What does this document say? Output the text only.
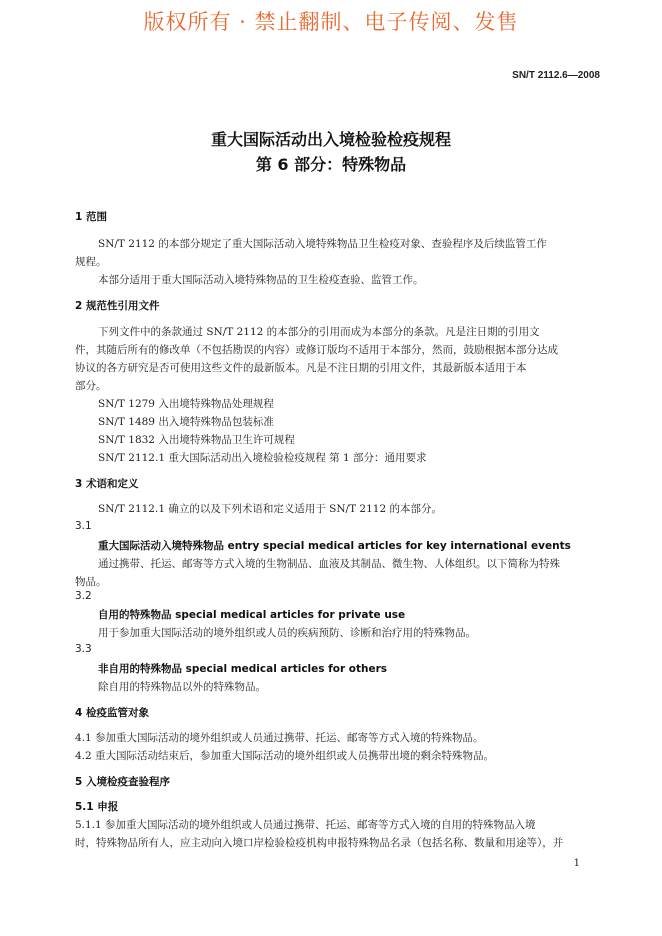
版权所有 · 禁止翻制、电子传阅、发售
SN/T 2112.6—2008
重大国际活动出入境检验检疫规程
第 6 部分：特殊物品
1 范围
SN/T 2112 的本部分规定了重大国际活动入境特殊物品卫生检疫对象、查验程序及后续监管工作
规程。
本部分适用于重大国际活动入境特殊物品的卫生检疫查验、监管工作。
2 规范性引用文件
下列文件中的条款通过 SN/T 2112 的本部分的引用而成为本部分的条款。凡是注日期的引用文
件，其随后所有的修改单（不包括勘误的内容）或修订版均不适用于本部分，然而，鼓励根据本部分达成
协议的各方研究是否可使用这些文件的最新版本。凡是不注日期的引用文件，其最新版本适用于本
部分。
SN/T 1279 入出境特殊物品处理规程
SN/T 1489 出入境特殊物品包装标准
SN/T 1832 入出境特殊物品卫生许可规程
SN/T 2112.1 重大国际活动出入境检验检疫规程 第 1 部分：通用要求
3 术语和定义
SN/T 2112.1 确立的以及下列术语和定义适用于 SN/T 2112 的本部分。
3.1
重大国际活动入境特殊物品 entry special medical articles for key international events
通过携带、托运、邮寄等方式入境的生物制品、血液及其制品、微生物、人体组织。以下简称为特殊
物品。
3.2
自用的特殊物品 special medical articles for private use
用于参加重大国际活动的境外组织或人员的疾病预防、诊断和治疗用的特殊物品。
3.3
非自用的特殊物品 special medical articles for others
除自用的特殊物品以外的特殊物品。
4 检疫监管对象
4.1 参加重大国际活动的境外组织或人员通过携带、托运、邮寄等方式入境的特殊物品。
4.2 重大国际活动结束后，参加重大国际活动的境外组织或人员携带出境的剩余特殊物品。
5 入境检疫查验程序
5.1 申报
5.1.1 参加重大国际活动的境外组织或人员通过携带、托运、邮寄等方式入境的自用的特殊物品入境
时，特殊物品所有人，应主动向入境口岸检验检疫机构申报特殊物品名录（包括名称、数量和用途等），并
1
